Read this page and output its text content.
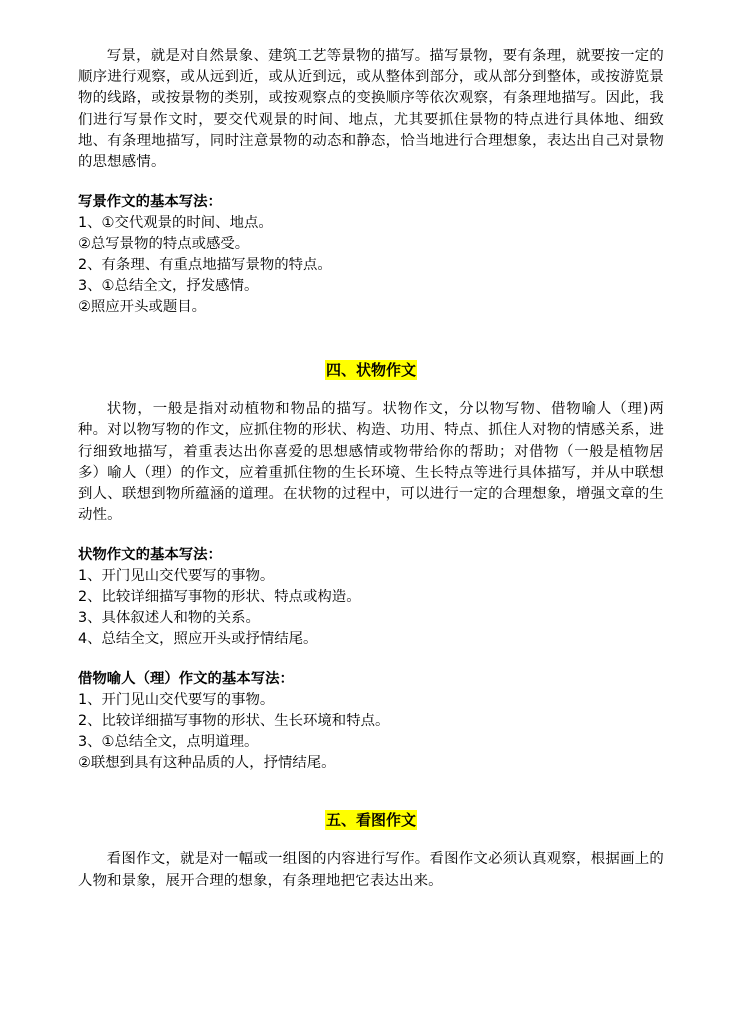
写景，就是对自然景象、建筑工艺等景物的描写。描写景物，要有条理，就要按一定的顺序进行观察，或从远到近，或从近到远，或从整体到部分，或从部分到整体，或按游览景物的线路，或按景物的类别，或按观察点的变换顺序等依次观察，有条理地描写。因此，我们进行写景作文时，要交代观景的时间、地点，尤其要抓住景物的特点进行具体地、细致地、有条理地描写，同时注意景物的动态和静态，恰当地进行合理想象，表达出自己对景物的思想感情。

写景作文的基本写法：

1、①交代观景的时间、地点。

②总写景物的特点或感受。

2、有条理、有重点地描写景物的特点。

3、①总结全文，抒发感情。

②照应开头或题目。

四、状物作文

状物，一般是指对动植物和物品的描写。状物作文，分以物写物、借物喻人（理)两种。对以物写物的作文，应抓住物的形状、构造、功用、特点、抓住人对物的情感关系，进行细致地描写，着重表达出你喜爱的思想感情或物带给你的帮助；对借物（一般是植物居多）喻人（理）的作文，应着重抓住物的生长环境、生长特点等进行具体描写，并从中联想到人、联想到物所蕴涵的道理。在状物的过程中，可以进行一定的合理想象，增强文章的生动性。

状物作文的基本写法：

1、开门见山交代要写的事物。

2、比较详细描写事物的形状、特点或构造。

3、具体叙述人和物的关系。

4、总结全文，照应开头或抒情结尾。

借物喻人（理）作文的基本写法：

1、开门见山交代要写的事物。

2、比较详细描写事物的形状、生长环境和特点。

3、①总结全文，点明道理。

②联想到具有这种品质的人，抒情结尾。

五、看图作文

看图作文，就是对一幅或一组图的内容进行写作。看图作文必须认真观察，根据画上的人物和景象，展开合理的想象，有条理地把它表达出来。
